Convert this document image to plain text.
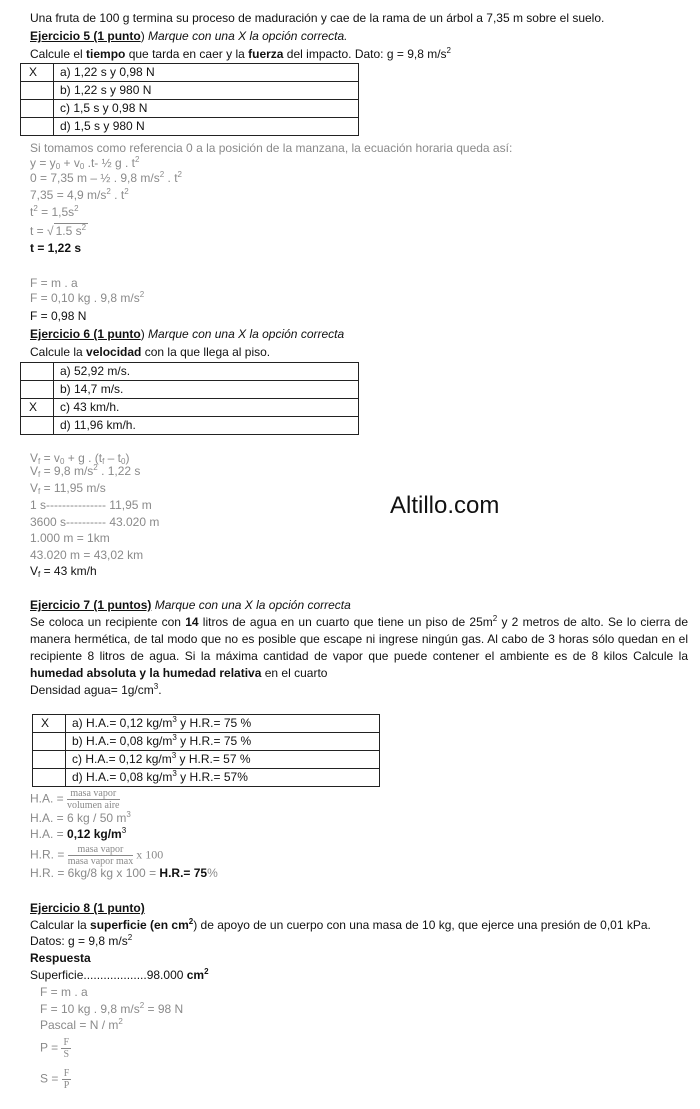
Una fruta de 100 g termina su proceso de maduración y cae de la rama de un árbol a 7,35 m sobre el suelo.
Ejercicio 5 (1 punto) Marque con una X la opción correcta.
Calcule el tiempo que tarda en caer y la fuerza del impacto. Dato: g = 9,8 $m/s^2$
X	a) 1,22 s y 0,98 N
	b) 1,22 s y 980 N
	c) 1,5 s y 0,98 N
	d) 1,5 s y 980 N
Si tomamos como referencia 0 a la posición de la manzana, la ecuación horaria queda así:
$y = y_0 + v_0$ .t- ½ g . $t^2$
0 = 7,35 m – ½ . 9,8 $m/s^2$ . $t^2$
7,35 = 4,9 $m/s^2$ . $t^2$
$t^2 = 1,5s^2$
t = √ 1.5 $s^2$
t = 1,22 s
F = m . a
F = 0,10 kg . 9,8 $m/s^2$
F = 0,98 N
Ejercicio 6 (1 punto) Marque con una X la opción correcta
Calcule la velocidad con la que llega al piso.
	a) 52,92 m/s.
	b) 14,7 m/s.
X	c) 43 km/h.
	d) 11,96 km/h.
$V_f = v_0 + g$ . $(t_f - t_0)$
$V_f = 9,8$ $m/s^2$ . 1,22 s
$V_f = 11,95$ m/s
1 s--------------- 11,95 m
3600 s---------- 43.020 m
1.000 m = 1km
43.020 m = 43,02 km
$V_f = 43$ km/h
Altillo.com
Ejercicio 7 (1 puntos) Marque con una X la opción correcta
Se coloca un recipiente con 14 litros de agua en un cuarto que tiene un piso de $25m^2$ y 2 metros de alto. Se lo cierra de manera hermética, de tal modo que no es posible que escape ni ingrese ningún gas. Al cabo de 3 horas sólo quedan en el recipiente 8 litros de agua. Si la máxima cantidad de vapor que puede contener el ambiente es de 8 kilos Calcule la humedad absoluta y la humedad relativa en el cuarto
Densidad agua= $1g/cm^3$.
X	a) H.A.= 0,12 $kg/m^3$ y H.R.= 75 %
	b) H.A.= 0,08 $kg/m^3$ y H.R.= 75 %
	c) H.A.= 0,12 $kg/m^3$ y H.R.= 57 %
	d) H.A.= 0,08 $kg/m^3$ y H.R.= 57%
H.A. = $\frac{\text{masa vapor}}{\text{volumen aire}}$
H.A. = 6 kg / 50 $m^3$
H.A. = 0,12 $kg/m^3$
H.R. = $\frac{\text{masa vapor}}{\text{masa vapor max}}$ x 100
H.R. = 6kg/8 kg x 100 = H.R.= 75%
Ejercicio 8 (1 punto)
Calcular la superficie (en $cm^2$) de apoyo de un cuerpo con una masa de 10 kg, que ejerce una presión de 0,01 kPa.
Datos: g = 9,8 $m/s^2$
Respuesta
Superficie...................98.000 $cm^2$
F = m . a
F = 10 kg . 9,8 $m/s^2 = 98$ N
Pascal = N / $m^2$
$P = \frac{F}{S}$
$S = \frac{F}{P}$
